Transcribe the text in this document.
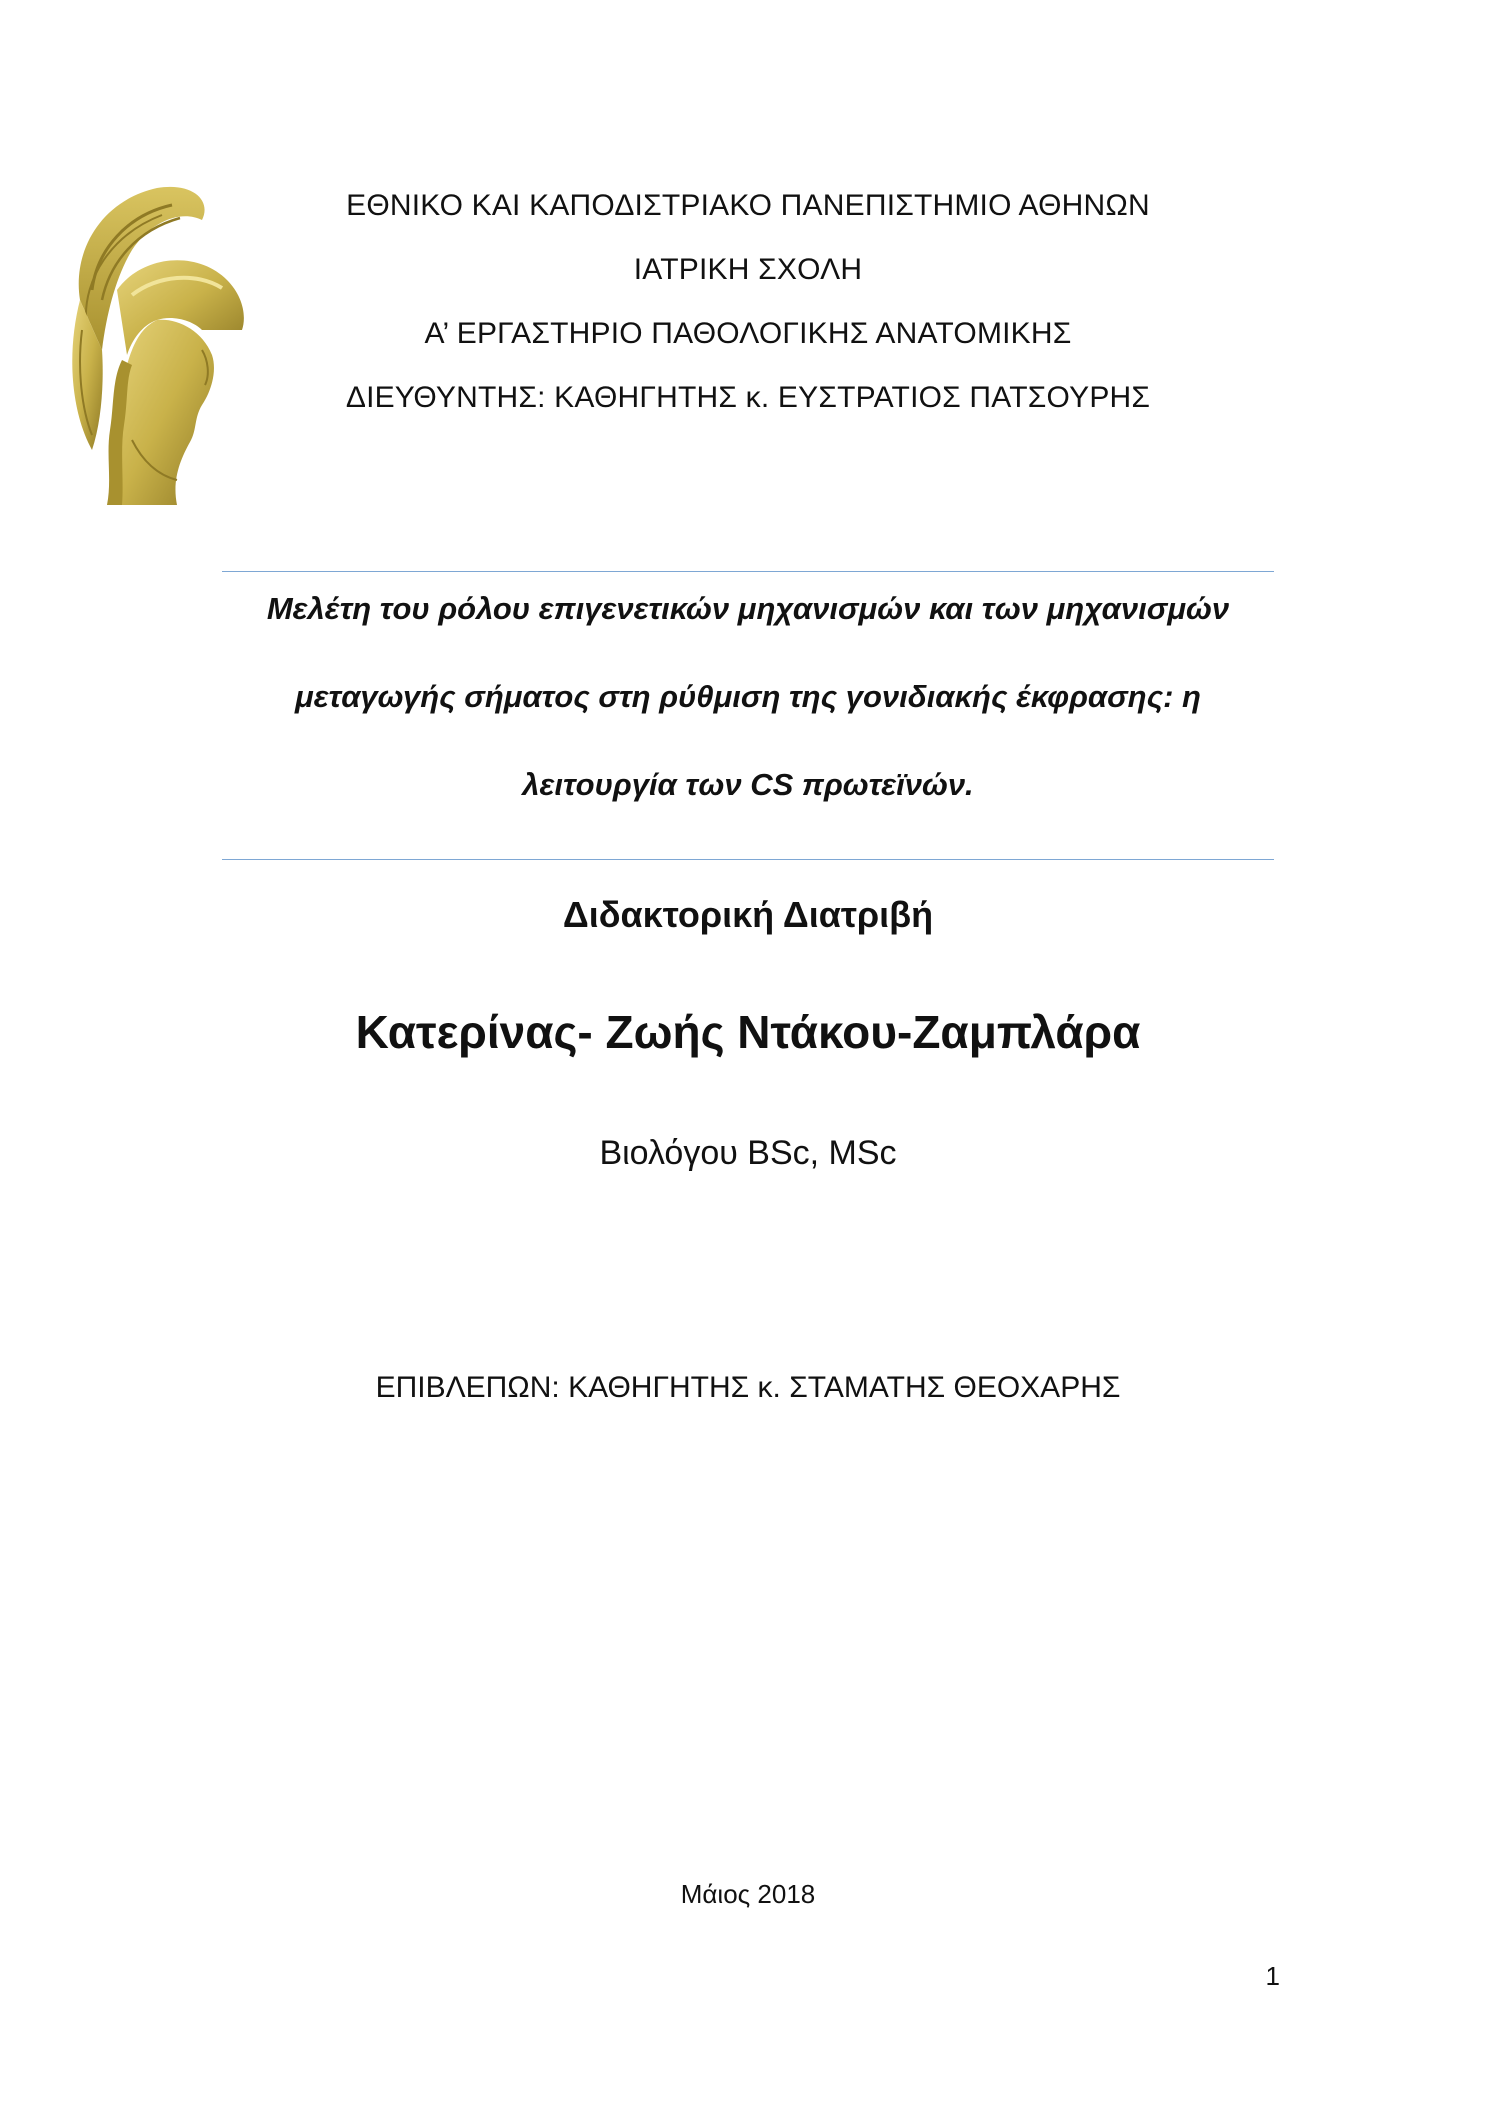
ΕΘΝΙΚΟ ΚΑΙ ΚΑΠΟΔΙΣΤΡΙΑΚΟ ΠΑΝΕΠΙΣΤΗΜΙΟ ΑΘΗΝΩΝ
ΙΑΤΡΙΚΗ ΣΧΟΛΗ
Α’ ΕΡΓΑΣΤΗΡΙΟ ΠΑΘΟΛΟΓΙΚΗΣ ΑΝΑΤΟΜΙΚΗΣ
ΔΙΕΥΘΥΝΤΗΣ: ΚΑΘΗΓΗΤΗΣ κ. ΕΥΣΤΡΑΤΙΟΣ ΠΑΤΣΟΥΡΗΣ
Μελέτη του ρόλου επιγενετικών μηχανισμών και των μηχανισμών
μεταγωγής σήματος στη ρύθμιση της γονιδιακής έκφρασης: η
λειτουργία των CS πρωτεϊνών.
Διδακτορική Διατριβή
Κατερίνας- Ζωής Ντάκου-Ζαμπλάρα
Βιολόγου BSc, MSc
ΕΠΙΒΛΕΠΩΝ: ΚΑΘΗΓΗΤΗΣ κ. ΣΤΑΜΑΤΗΣ ΘΕΟΧΑΡΗΣ
Μάιος 2018
1
